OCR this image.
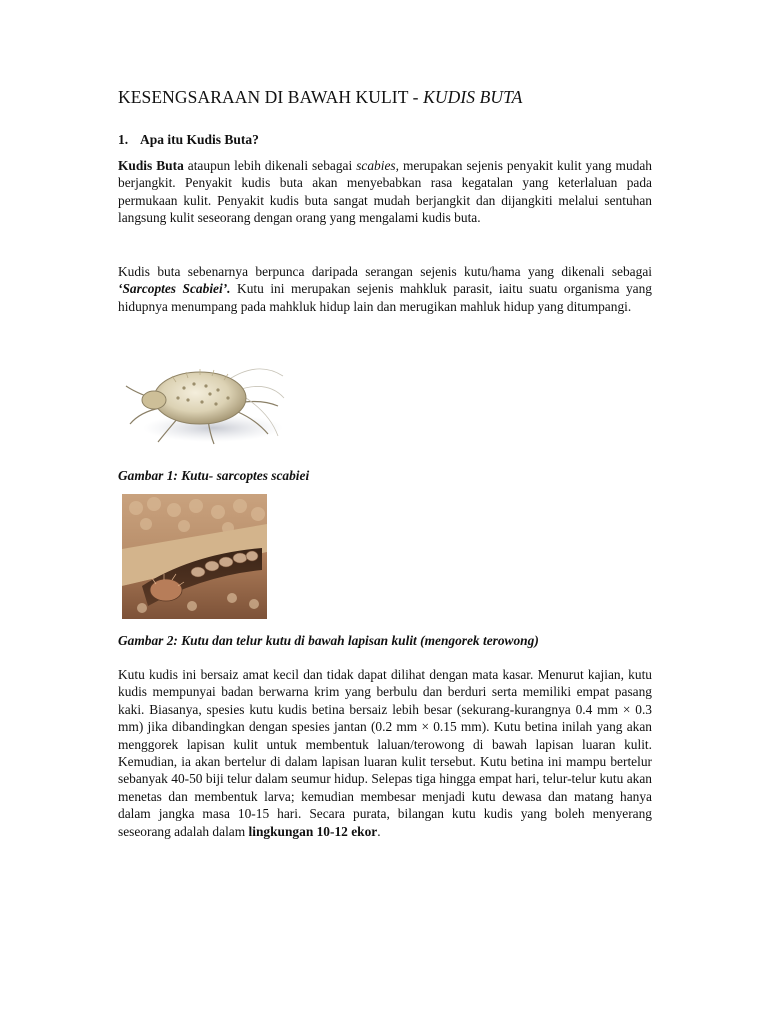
KESENGSARAAN DI BAWAH KULIT - KUDIS BUTA
1. Apa itu Kudis Buta?

Kudis Buta ataupun lebih dikenali sebagai scabies, merupakan sejenis penyakit kulit yang mudah berjangkit. Penyakit kudis buta akan menyebabkan rasa kegatalan yang keterlaluan pada permukaan kulit. Penyakit kudis buta sangat mudah berjangkit dan dijangkiti melalui sentuhan langsung kulit seseorang dengan orang yang mengalami kudis buta.

Kudis buta sebenarnya berpunca daripada serangan sejenis kutu/hama yang dikenali sebagai ‘Sarcoptes Scabiei’. Kutu ini merupakan sejenis mahkluk parasit, iaitu suatu organisma yang hidupnya menumpang pada mahkluk hidup lain dan merugikan mahluk hidup yang ditumpangi.

Gambar 1: Kutu- sarcoptes scabiei

Gambar 2: Kutu dan telur kutu di bawah lapisan kulit (mengorek terowong)

Kutu kudis ini bersaiz amat kecil dan tidak dapat dilihat dengan mata kasar. Menurut kajian, kutu kudis mempunyai badan berwarna krim yang berbulu dan berduri serta memiliki empat pasang kaki. Biasanya, spesies kutu kudis betina bersaiz lebih besar (sekurang-kurangnya 0.4 mm × 0.3 mm) jika dibandingkan dengan spesies jantan (0.2 mm × 0.15 mm). Kutu betina inilah yang akan menggorek lapisan kulit untuk membentuk laluan/terowong di bawah lapisan luaran kulit. Kemudian, ia akan bertelur di dalam lapisan luaran kulit tersebut. Kutu betina ini mampu bertelur sebanyak 40-50 biji telur dalam seumur hidup. Selepas tiga hingga empat hari, telur-telur kutu akan menetas dan membentuk larva; kemudian membesar menjadi kutu dewasa dan matang hanya dalam jangka masa 10-15 hari. Secara purata, bilangan kutu kudis yang boleh menyerang seseorang adalah dalam lingkungan 10-12 ekor.
